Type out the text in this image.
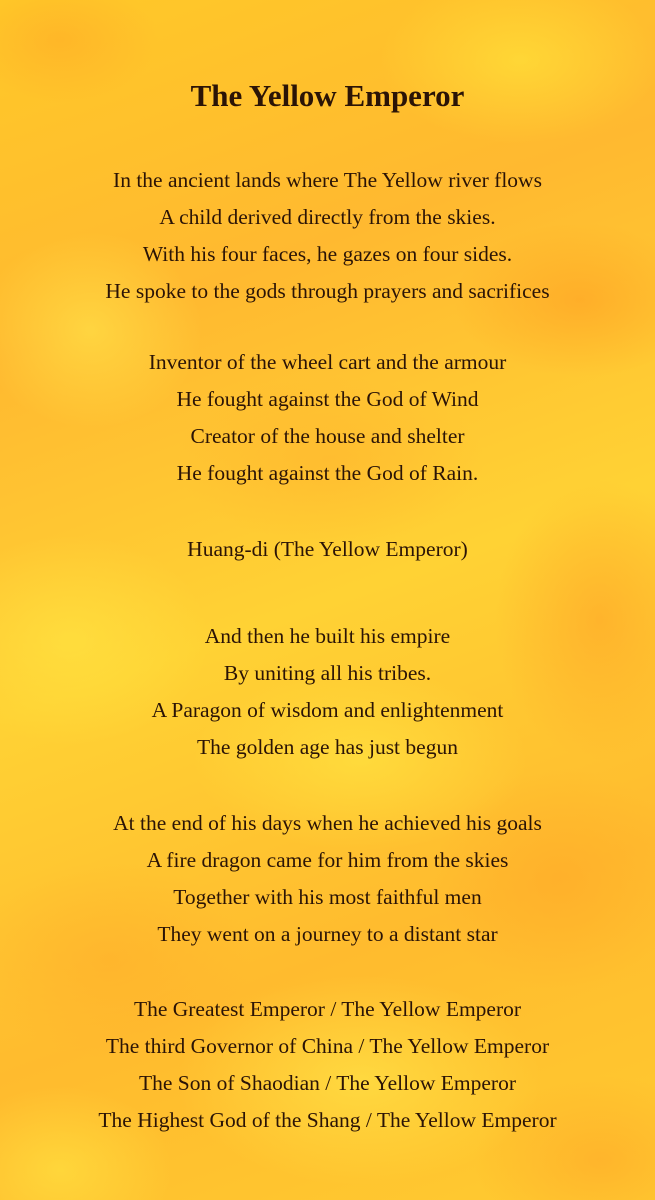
The Yellow Emperor
In the ancient lands where The Yellow river flows
A child derived directly from the skies.
With his four faces, he gazes on four sides.
He spoke to the gods through prayers and sacrifices
Inventor of the wheel cart and the armour
He fought against the God of Wind
Creator of the house and shelter
He fought against the God of Rain.
Huang-di (The Yellow Emperor)
And then he built his empire
By uniting all his tribes.
A Paragon of wisdom and enlightenment
The golden age has just begun
At the end of his days when he achieved his goals
A fire dragon came for him from the skies
Together with his most faithful men
They went on a journey to a distant star
The Greatest Emperor / The Yellow Emperor
The third Governor of China / The Yellow Emperor
The Son of Shaodian / The Yellow Emperor
The Highest God of the Shang / The Yellow Emperor
